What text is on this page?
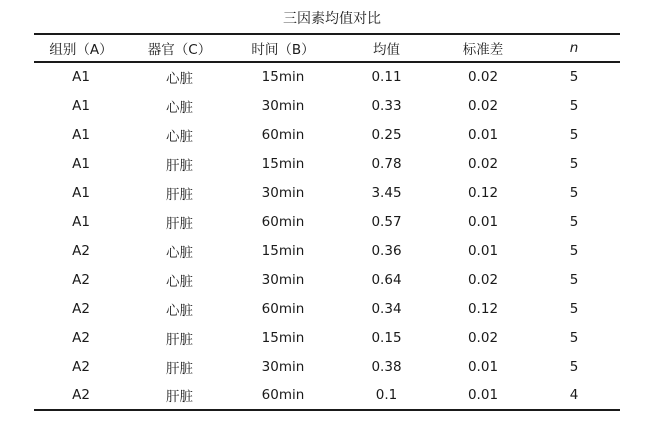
三因素均值对比
组别（A）	器官（C）	时间（B）	均值	标准差	n
A1	心脏	15min	0.11	0.02	5
A1	心脏	30min	0.33	0.02	5
A1	心脏	60min	0.25	0.01	5
A1	肝脏	15min	0.78	0.02	5
A1	肝脏	30min	3.45	0.12	5
A1	肝脏	60min	0.57	0.01	5
A2	心脏	15min	0.36	0.01	5
A2	心脏	30min	0.64	0.02	5
A2	心脏	60min	0.34	0.12	5
A2	肝脏	15min	0.15	0.02	5
A2	肝脏	30min	0.38	0.01	5
A2	肝脏	60min	0.1	0.01	4
